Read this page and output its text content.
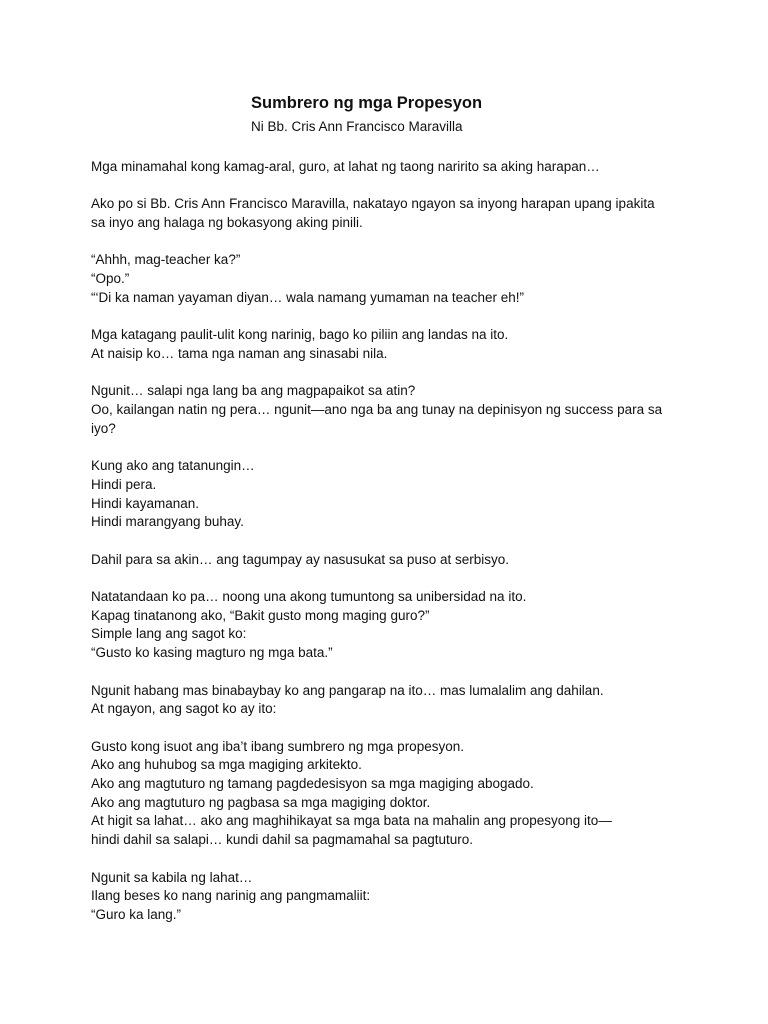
Sumbrero ng mga Propesyon
Ni Bb. Cris Ann Francisco Maravilla
Mga minamahal kong kamag-aral, guro, at lahat ng taong naririto sa aking harapan…
Ako po si Bb. Cris Ann Francisco Maravilla, nakatayo ngayon sa inyong harapan upang ipakita
sa inyo ang halaga ng bokasyong aking pinili.
“Ahhh, mag-teacher ka?”
“Opo.”
“‘Di ka naman yayaman diyan… wala namang yumaman na teacher eh!”
Mga katagang paulit-ulit kong narinig, bago ko piliin ang landas na ito.
At naisip ko… tama nga naman ang sinasabi nila.
Ngunit… salapi nga lang ba ang magpapaikot sa atin?
Oo, kailangan natin ng pera… ngunit—ano nga ba ang tunay na depinisyon ng success para sa
iyo?
Kung ako ang tatanungin…
Hindi pera.
Hindi kayamanan.
Hindi marangyang buhay.
Dahil para sa akin… ang tagumpay ay nasusukat sa puso at serbisyo.
Natatandaan ko pa… noong una akong tumuntong sa unibersidad na ito.
Kapag tinatanong ako, “Bakit gusto mong maging guro?”
Simple lang ang sagot ko:
“Gusto ko kasing magturo ng mga bata.”
Ngunit habang mas binabaybay ko ang pangarap na ito… mas lumalalim ang dahilan.
At ngayon, ang sagot ko ay ito:
Gusto kong isuot ang iba’t ibang sumbrero ng mga propesyon.
Ako ang huhubog sa mga magiging arkitekto.
Ako ang magtuturo ng tamang pagdedesisyon sa mga magiging abogado.
Ako ang magtuturo ng pagbasa sa mga magiging doktor.
At higit sa lahat… ako ang maghihikayat sa mga bata na mahalin ang propesyong ito—
hindi dahil sa salapi… kundi dahil sa pagmamahal sa pagtuturo.
Ngunit sa kabila ng lahat…
Ilang beses ko nang narinig ang pangmamaliit:
“Guro ka lang.”
